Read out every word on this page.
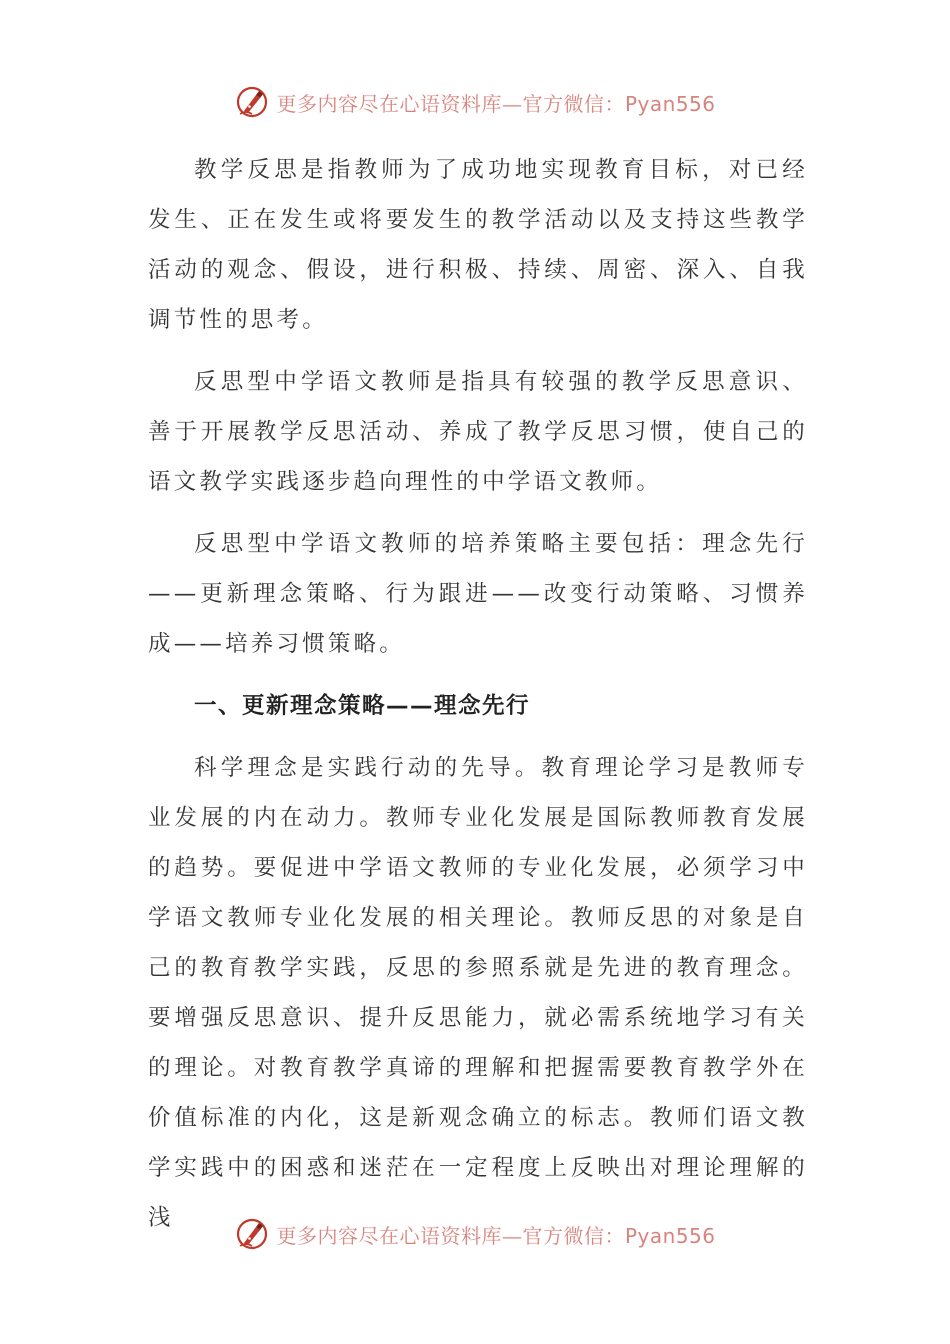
更多内容尽在心语资料库—官方微信：Pyan556

教学反思是指教师为了成功地实现教育目标，对已经发生、正在发生或将要发生的教学活动以及支持这些教学活动的观念、假设，进行积极、持续、周密、深入、自我调节性的思考。

反思型中学语文教师是指具有较强的教学反思意识、善于开展教学反思活动、养成了教学反思习惯，使自己的语文教学实践逐步趋向理性的中学语文教师。

反思型中学语文教师的培养策略主要包括：理念先行——更新理念策略、行为跟进——改变行动策略、习惯养成——培养习惯策略。

一、更新理念策略——理念先行

科学理念是实践行动的先导。教育理论学习是教师专业发展的内在动力。教师专业化发展是国际教师教育发展的趋势。要促进中学语文教师的专业化发展，必须学习中学语文教师专业化发展的相关理论。教师反思的对象是自己的教育教学实践，反思的参照系就是先进的教育理念。要增强反思意识、提升反思能力，就必需系统地学习有关的理论。对教育教学真谛的理解和把握需要教育教学外在价值标准的内化，这是新观念确立的标志。教师们语文教学实践中的困惑和迷茫在一定程度上反映出对理论理解的浅

更多内容尽在心语资料库—官方微信：Pyan556
